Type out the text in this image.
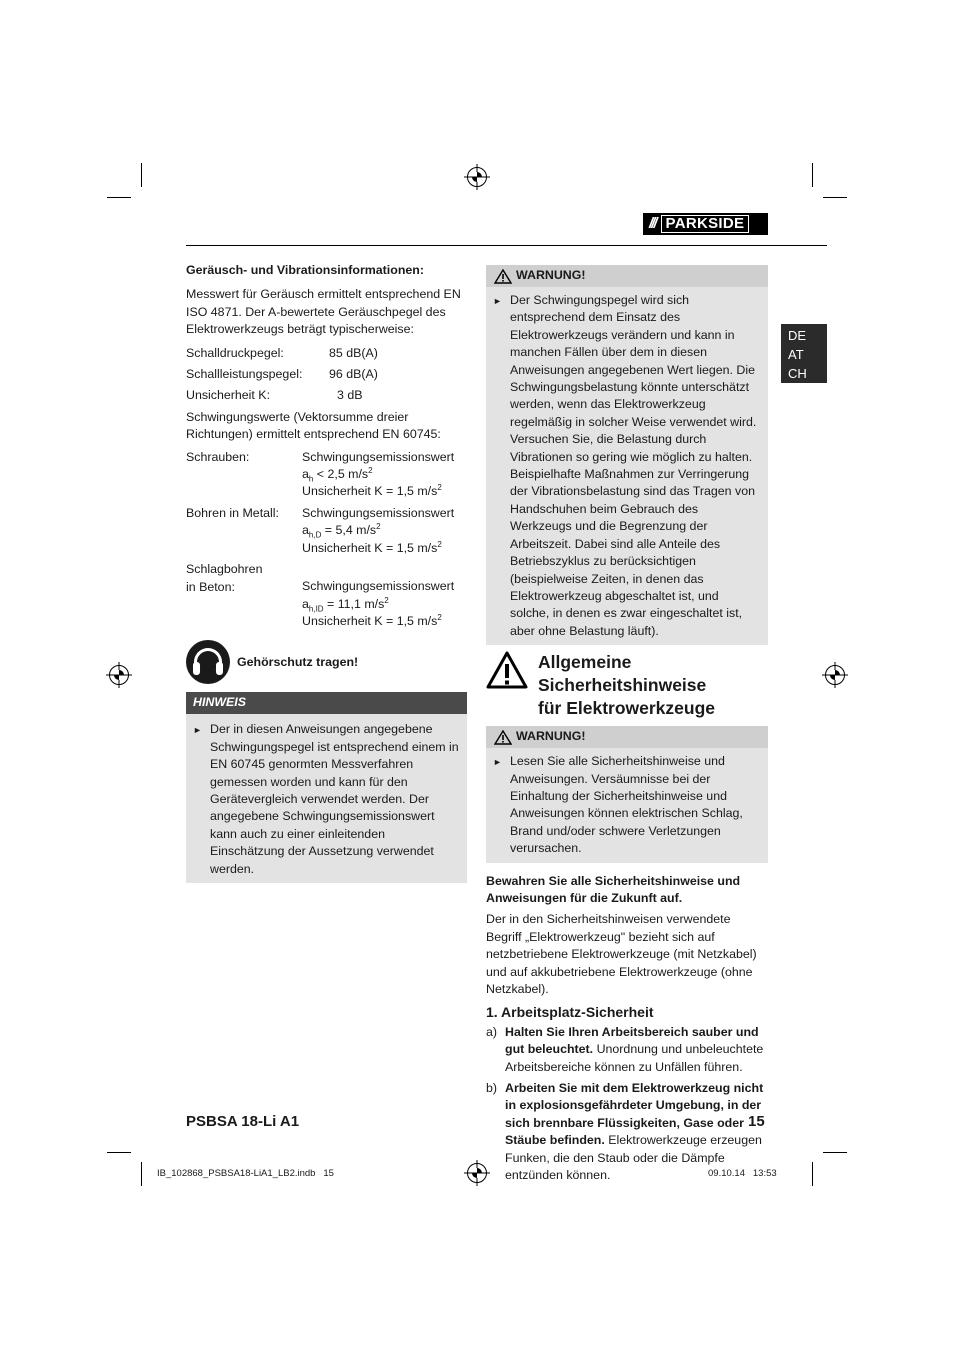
/// PARKSIDE
DE
AT
CH

Geräusch- und Vibrationsinformationen:

Messwert für Geräusch ermittelt entsprechend EN ISO 4871. Der A-bewertete Geräuschpegel des Elektrowerkzeugs beträgt typischerweise:

Schalldruckpegel:	85 dB(A)
Schallleistungspegel:	96 dB(A)
Unsicherheit K:	3 dB

Schwingungswerte (Vektorsumme dreier Richtungen) ermittelt entsprechend EN 60745:

Schrauben:	Schwingungsemissionswert
$a_h < 2,5$ $m/s^2$
Unsicherheit K = 1,5 $m/s^2$
Bohren in Metall:	Schwingungsemissionswert
$a_{h,D} = 5,4$ $m/s^2$
Unsicherheit K = 1,5 $m/s^2$
Schlagbohren in Beton:	Schwingungsemissionswert
$a_{h,ID} = 11,1$ $m/s^2$
Unsicherheit K = 1,5 $m/s^2$
Gehörschutz tragen!
HINWEIS
► Der in diesen Anweisungen angegebene Schwingungspegel ist entsprechend einem in EN 60745 genormten Messverfahren gemessen worden und kann für den Gerätevergleich verwendet werden. Der angegebene Schwingungsemissionswert kann auch zu einer einleitenden Einschätzung der Aussetzung verwendet werden.
WARNUNG!
► Der Schwingungspegel wird sich entsprechend dem Einsatz des Elektrowerkzeugs verändern und kann in manchen Fällen über dem in diesen Anweisungen angegebenen Wert liegen. Die Schwingungsbelastung könnte unterschätzt werden, wenn das Elektrowerkzeug regelmäßig in solcher Weise verwendet wird. Versuchen Sie, die Belastung durch Vibrationen so gering wie möglich zu halten. Beispielhafte Maßnahmen zur Verringerung der Vibrationsbelastung sind das Tragen von Handschuhen beim Gebrauch des Werkzeugs und die Begrenzung der Arbeitszeit. Dabei sind alle Anteile des Betriebszyklus zu berücksichtigen (beispielweise Zeiten, in denen das Elektrowerkzeug abgeschaltet ist, und solche, in denen es zwar eingeschaltet ist, aber ohne Belastung läuft).
Allgemeine
Sicherheitshinweise
für Elektrowerkzeuge
WARNUNG!
► Lesen Sie alle Sicherheitshinweise und Anweisungen. Versäumnisse bei der Einhaltung der Sicherheitshinweise und Anweisungen können elektrischen Schlag, Brand und/oder schwere Verletzungen verursachen.

Bewahren Sie alle Sicherheitshinweise und Anweisungen für die Zukunft auf.

Der in den Sicherheitshinweisen verwendete Begriff „Elektrowerkzeug" bezieht sich auf netzbetriebene Elektrowerkzeuge (mit Netzkabel) und auf akkubetriebene Elektrowerkzeuge (ohne Netzkabel).

1. Arbeitsplatz-Sicherheit
a) Halten Sie Ihren Arbeitsbereich sauber und gut beleuchtet. Unordnung und unbeleuchtete Arbeitsbereiche können zu Unfällen führen.
b) Arbeiten Sie mit dem Elektrowerkzeug nicht in explosionsgefährdeter Umgebung, in der sich brennbare Flüssigkeiten, Gase oder Stäube befinden. Elektrowerkzeuge erzeugen Funken, die den Staub oder die Dämpfe entzünden können.
PSBSA 18-Li A1	15
IB_102868_PSBSA18-LiA1_LB2.indb   15	09.10.14   13:53
